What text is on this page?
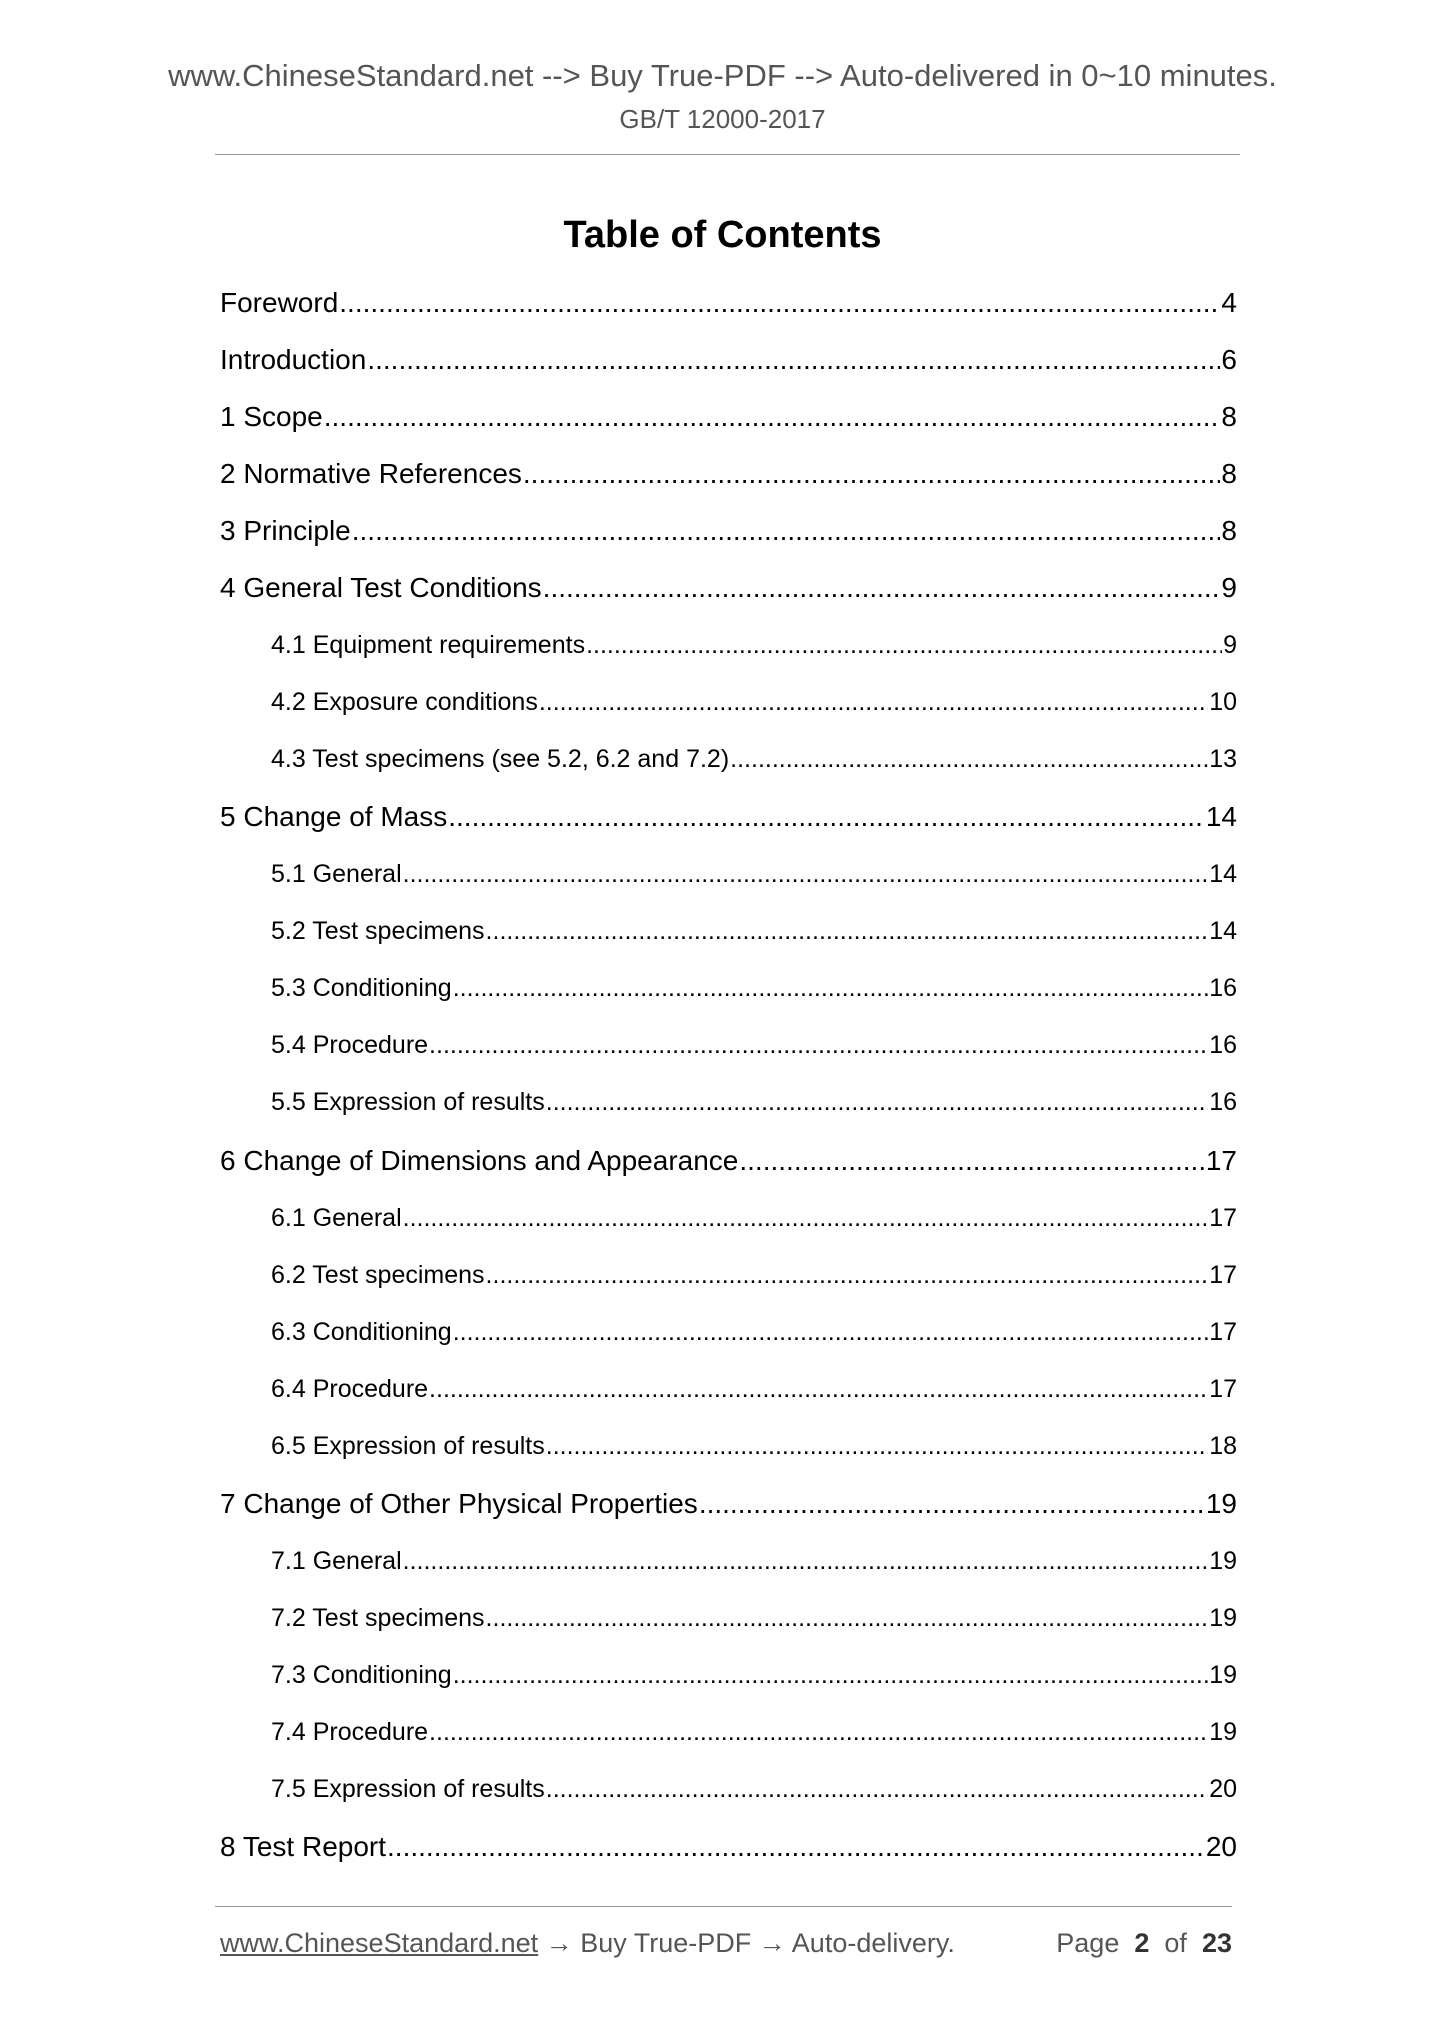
www.ChineseStandard.net --> Buy True-PDF --> Auto-delivered in 0~10 minutes.
GB/T 12000-2017
Table of Contents
Foreword .....	4
Introduction .....	6
1 Scope .....	8
2 Normative References .....	8
3 Principle .....	8
4 General Test Conditions .....	9
4.1 Equipment requirements .....	9
4.2 Exposure conditions .....	10
4.3 Test specimens (see 5.2, 6.2 and 7.2) .....	13
5 Change of Mass .....	14
5.1 General .....	14
5.2 Test specimens .....	14
5.3 Conditioning .....	16
5.4 Procedure .....	16
5.5 Expression of results .....	16
6 Change of Dimensions and Appearance .....	17
6.1 General .....	17
6.2 Test specimens .....	17
6.3 Conditioning .....	17
6.4 Procedure .....	17
6.5 Expression of results .....	18
7 Change of Other Physical Properties .....	19
7.1 General .....	19
7.2 Test specimens .....	19
7.3 Conditioning .....	19
7.4 Procedure .....	19
7.5 Expression of results .....	20
8 Test Report .....	20
www.ChineseStandard.net → Buy True-PDF → Auto-delivery.	Page 2 of 23
